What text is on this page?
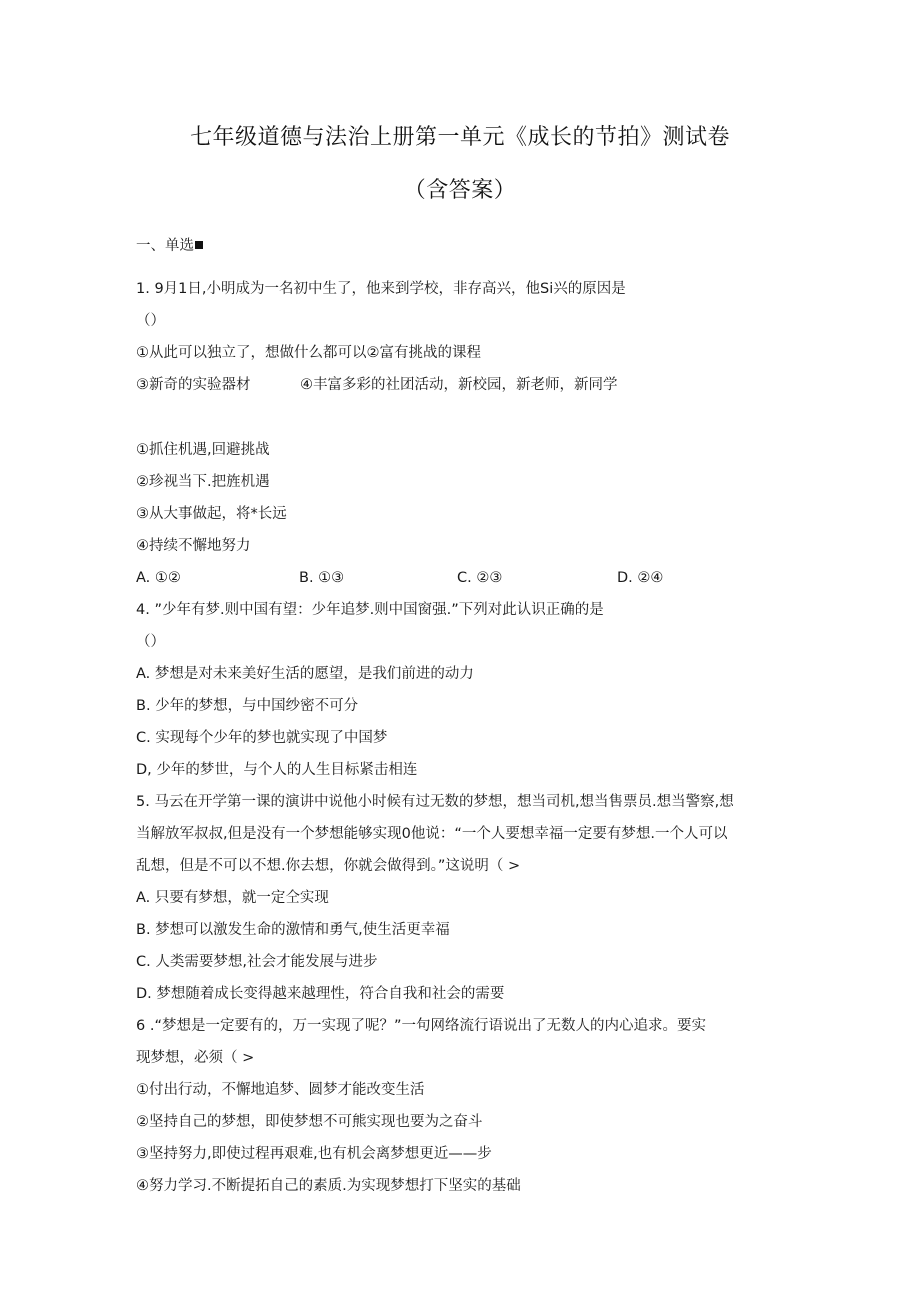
七年级道德与法治上册第一单元《成长的节拍》测试卷
（含答案）
一、单选
1. 9月1日,小明成为一名初中生了，他来到学校，非存高兴，他Si兴的原因是
（）
①从此可以独立了，想做什么都可以②富有挑战的课程
③新奇的实验器材	④丰富多彩的社团活动，新校园，新老师，新同学
①抓住机遇,回避挑战
②珍视当下.把旌机遇
③从大事做起，将*长远
④持续不懈地努力
A. ①②	B. ①③	C. ②③	D. ②④
4. ”少年有梦.则中国有望：少年追梦.则中国窗强.”下列对此认识正确的是
（）
A. 梦想是对未来美好生活的愿望，是我们前进的动力
B. 少年的梦想，与中国纱密不可分
C. 实现每个少年的梦也就实现了中国梦
D, 少年的梦世，与个人的人生目标紧击相连
5. 马云在开学第一课的演讲中说他小时候有过无数的梦想，想当司机,想当售票员.想当警察,想
当解放军叔叔,但是没有一个梦想能够实现0他说：“一个人要想幸福一定要有梦想.一个人可以
乱想，但是不可以不想.你去想，你就会做得到。”这说明（ >
A. 只要有梦想，就一定仝实现
B. 梦想可以激发生命的激情和勇气,使生活更幸福
C. 人类需要梦想,社会才能发展与进步
D. 梦想随着成长变得越来越理性，符合自我和社会的需要
6 .“梦想是一定要有的，万一实现了呢？”一句网络流行语说出了无数人的内心追求。要实
现梦想，必须（ >
①付出行动，不懈地追梦、圆梦才能改变生活
②坚持自己的梦想，即使梦想不可熊实现也要为之奋斗
③坚持努力,即使过程再艰难,也有机会离梦想更近——步
④努力学习.不断提拓自己的素质.为实现梦想打下坚实的基础
